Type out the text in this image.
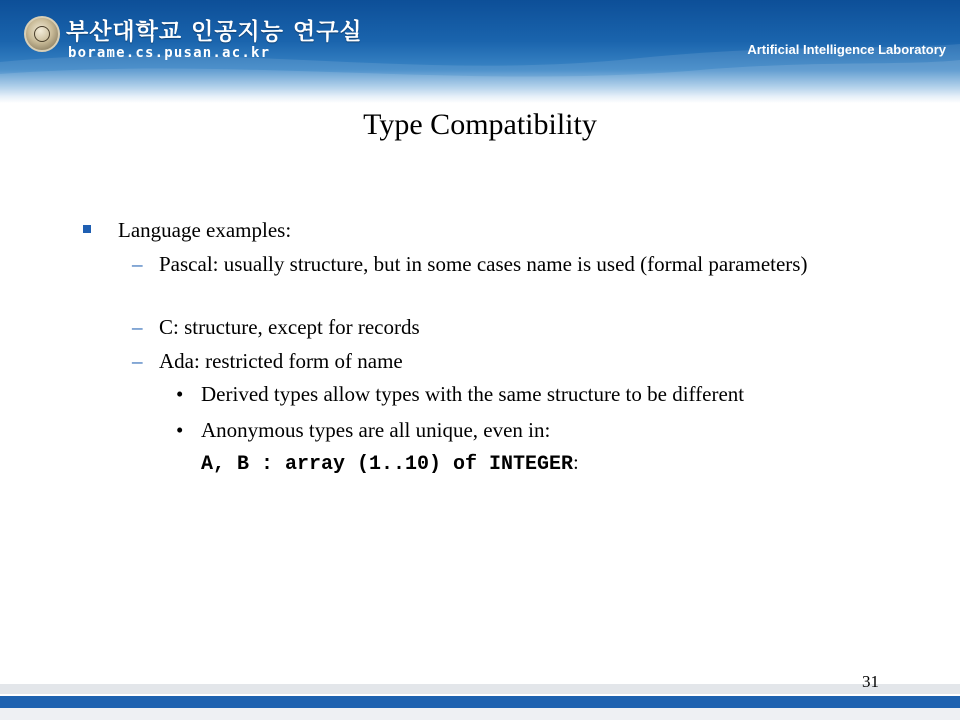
부산대학교 인공지능 연구실
borame.cs.pusan.ac.kr	Artificial Intelligence Laboratory
Type Compatibility
Language examples:
– Pascal: usually structure, but in some cases name is used (formal parameters)
– C: structure, except for records
– Ada: restricted form of name
• Derived types allow types with the same structure to be different
• Anonymous types are all unique, even in:
A, B : array (1..10) of INTEGER:
31
